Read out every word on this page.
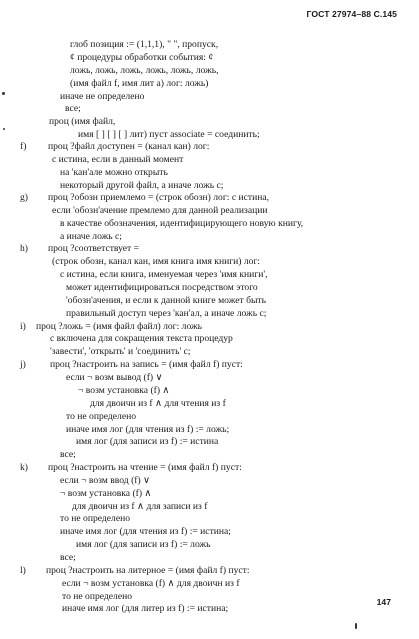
ГОСТ 27974–88 С.145
глоб позиция := (1,1,1), " ", пропуск,
¢ процедуры обработки события: ¢
ложь, ложь, ложь, ложь, ложь, ложь,
(имя файл f, имя лит a) лог: ложь)
иначе не определено
все;
проц (имя файл,
имя [ ] [ ] [ ] лит) пуст associate = соединить;
проц ?файл доступен = (канал кан) лог:
с истина, если в данный момент
на 'кан'але можно открыть
некоторый другой файл, а иначе ложь с;
проц ?обозн приемлемо = (строк обозн) лог: с истина,
если 'обозн'ачение премлемо для данной реализации
в качестве обозначения, идентифицирующего новую книгу,
а иначе ложь с;
проц ?соответствует =
(строк обозн, канал кан, имя книга имя книги) лог:
с истина, если книга, именуемая через 'имя книги',
может идентифицироваться посредством этого
'обозн'ачения, и если к данной книге может быть
правильный доступ через 'кан'ал, а иначе ложь с;
проц ?ложь = (имя файл файл) лог: ложь
с включена для сокращения текста процедур
'завести', 'открыть' и 'соединить' с;
проц ?настроить на запись = (имя файл f) пуст:
если ¬ возм вывод (f) ∨
¬ возм установка (f) ∧
для двоичн из f ∧ для чтения из f
то не определено
иначе имя лог (для чтения из f) := ложь;
имя лог (для записи из f) := истина
все;
проц ?настроить на чтение = (имя файл f) пуст:
если ¬ возм ввод (f) ∨
¬ возм установка (f) ∧
для двоичн из f ∧ для записи из f
то не определено
иначе имя лог (для чтения из f) := истина;
имя лог (для записи из f) := ложь
все;
проц ?настроить на литерное = (имя файл f) пуст:
если ¬ возм установка (f) ∧ для двоичн из f
то не определено
иначе имя лог (для литер из f) := истина;
f)
g)
h)
i)
j)
k)
l)
147
